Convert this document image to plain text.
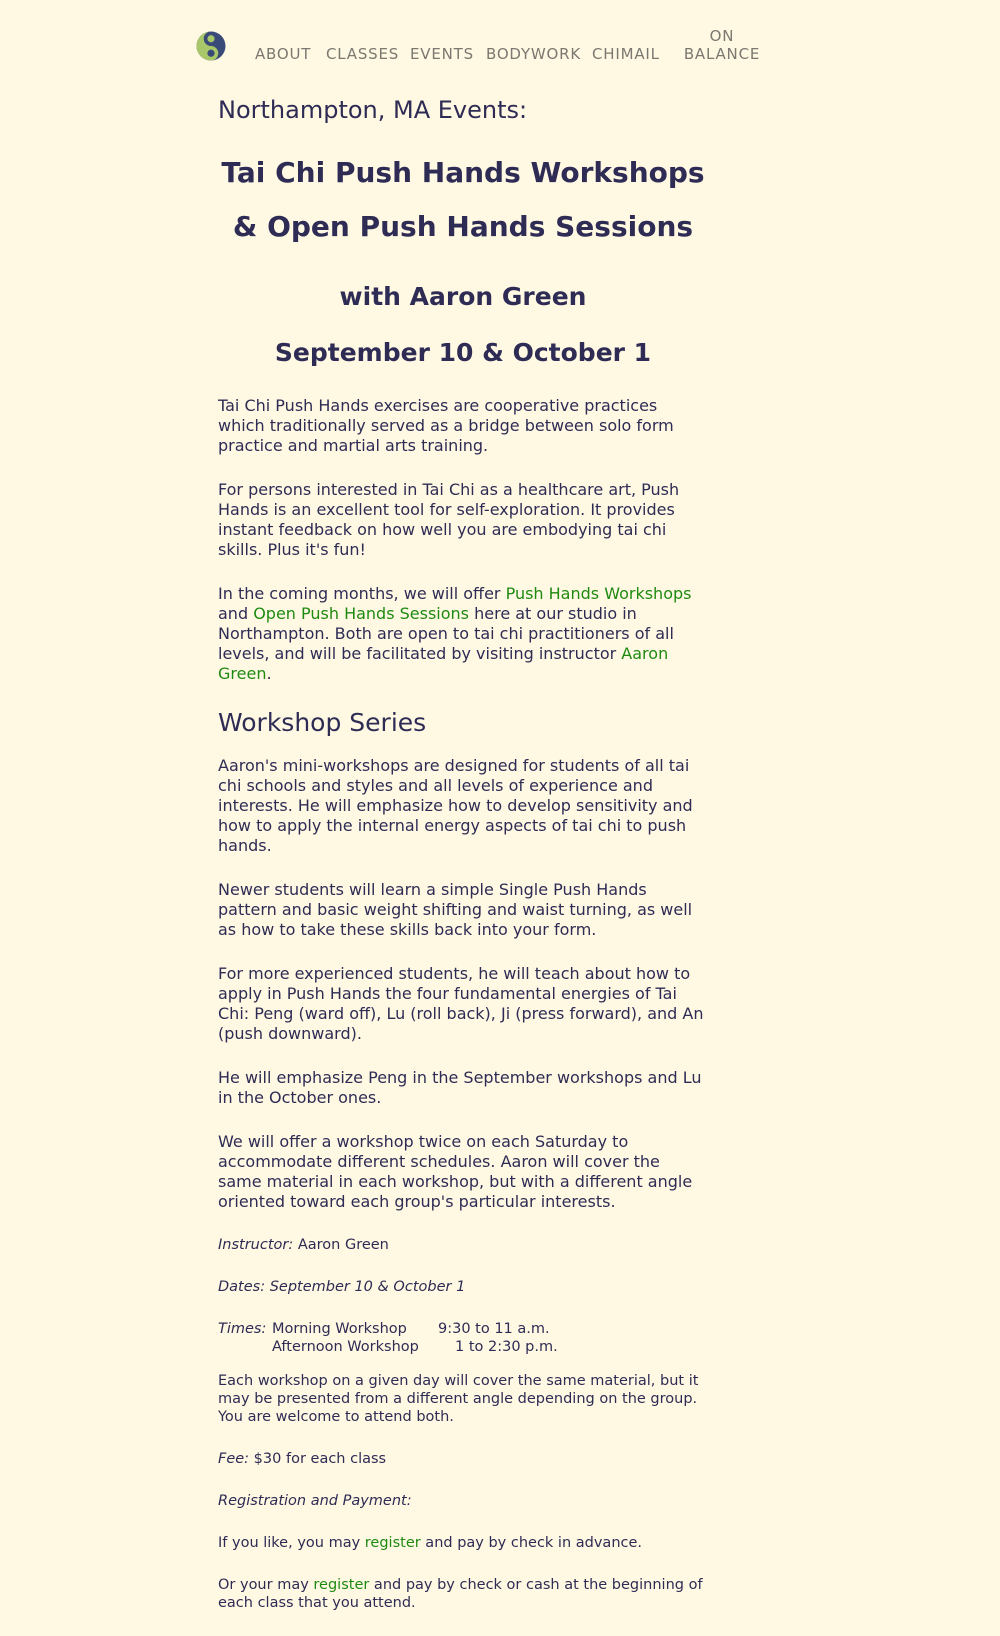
ABOUT CLASSES EVENTS BODYWORK CHIMAIL
ON
BALANCE
Northampton, MA Events:
Tai Chi Push Hands Workshops
& Open Push Hands Sessions
with Aaron Green
September 10 & October 1

Tai Chi Push Hands exercises are cooperative practices which traditionally served as a bridge between solo form practice and martial arts training.

For persons interested in Tai Chi as a healthcare art, Push Hands is an excellent tool for self-exploration. It provides instant feedback on how well you are embodying tai chi skills. Plus it's fun!

In the coming months, we will offer Push Hands Workshops and Open Push Hands Sessions here at our studio in Northampton. Both are open to tai chi practitioners of all levels, and will be facilitated by visiting instructor Aaron Green.

Workshop Series

Aaron's mini-workshops are designed for students of all tai chi schools and styles and all levels of experience and interests. He will emphasize how to develop sensitivity and how to apply the internal energy aspects of tai chi to push hands.

Newer students will learn a simple Single Push Hands pattern and basic weight shifting and waist turning, as well as how to take these skills back into your form.

For more experienced students, he will teach about how to apply in Push Hands the four fundamental energies of Tai Chi: Peng (ward off), Lu (roll back), Ji (press forward), and An (push downward).

He will emphasize Peng in the September workshops and Lu in the October ones.

We will offer a workshop twice on each Saturday to accommodate different schedules. Aaron will cover the same material in each workshop, but with a different angle oriented toward each group's particular interests.

Instructor: Aaron Green

Dates: September 10 & October 1

Times:	Morning Workshop	9:30 to 11 a.m.
	Afternoon Workshop	1 to 2:30 p.m.

Each workshop on a given day will cover the same material, but it may be presented from a different angle depending on the group. You are welcome to attend both.

Fee: $30 for each class

Registration and Payment:

If you like, you may register and pay by check in advance.

Or your may register and pay by check or cash at the beginning of each class that you attend.
